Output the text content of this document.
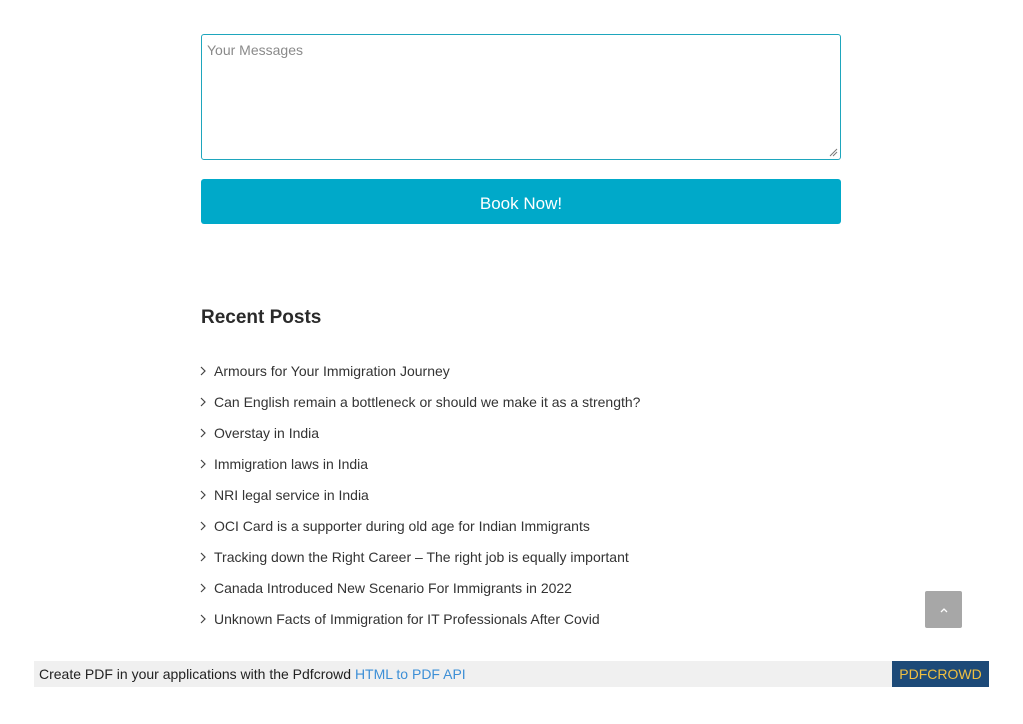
Your Messages
Book Now!
Recent Posts
Armours for Your Immigration Journey
Can English remain a bottleneck or should we make it as a strength?
Overstay in India
Immigration laws in India
NRI legal service in India
OCI Card is a supporter during old age for Indian Immigrants
Tracking down the Right Career – The right job is equally important
Canada Introduced New Scenario For Immigrants in 2022
Unknown Facts of Immigration for IT Professionals After Covid
Create PDF in your applications with the Pdfcrowd HTML to PDF API	PDFCROWD
